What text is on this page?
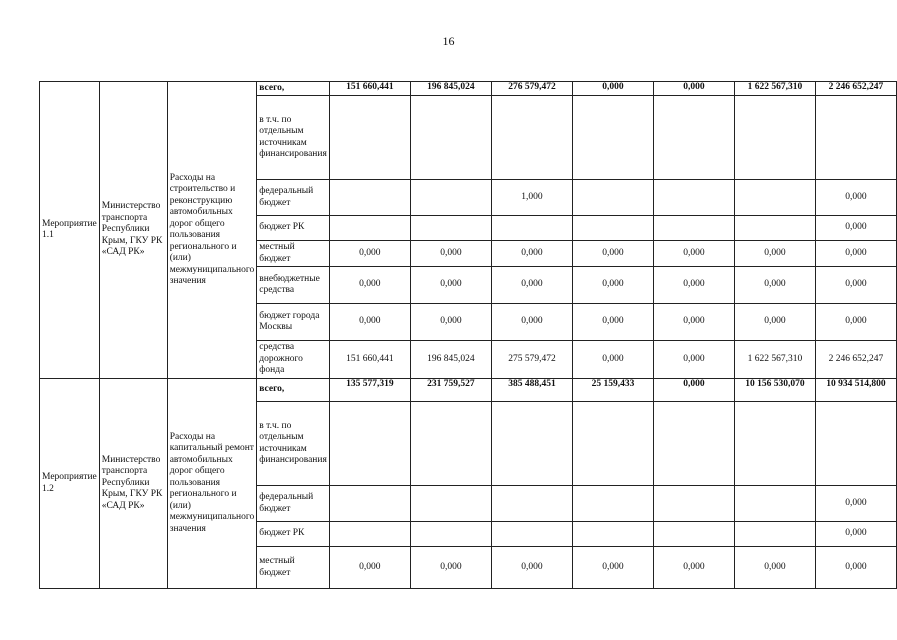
16
Мероприятие 1.1	Министерство транспорта Республики Крым, ГКУ РК «САД РК»	Расходы на строительство и реконструкцию автомобильных дорог общего пользования регионального и (или) межмуниципального значения	всего,	151 660,441	196 845,024	276 579,472	0,000	0,000	1 622 567,310	2 246 652,247
			в т.ч. по отдельным источникам финансирования							
			федеральный бюджет			1,000				0,000
			бюджет РК							0,000
			местный бюджет	0,000	0,000	0,000	0,000	0,000	0,000	0,000
			внебюджетные средства	0,000	0,000	0,000	0,000	0,000	0,000	0,000
			бюджет города Москвы	0,000	0,000	0,000	0,000	0,000	0,000	0,000
			средства дорожного фонда	151 660,441	196 845,024	275 579,472	0,000	0,000	1 622 567,310	2 246 652,247
Мероприятие 1.2	Министерство транспорта Республики Крым, ГКУ РК «САД РК»	Расходы на капитальный ремонт автомобильных дорог общего пользования регионального и (или) межмуниципального значения	всего,	135 577,319	231 759,527	385 488,451	25 159,433	0,000	10 156 530,070	10 934 514,800
			в т.ч. по отдельным источникам финансирования							
			федеральный бюджет							0,000
			бюджет РК							0,000
			местный бюджет	0,000	0,000	0,000	0,000	0,000	0,000	0,000
